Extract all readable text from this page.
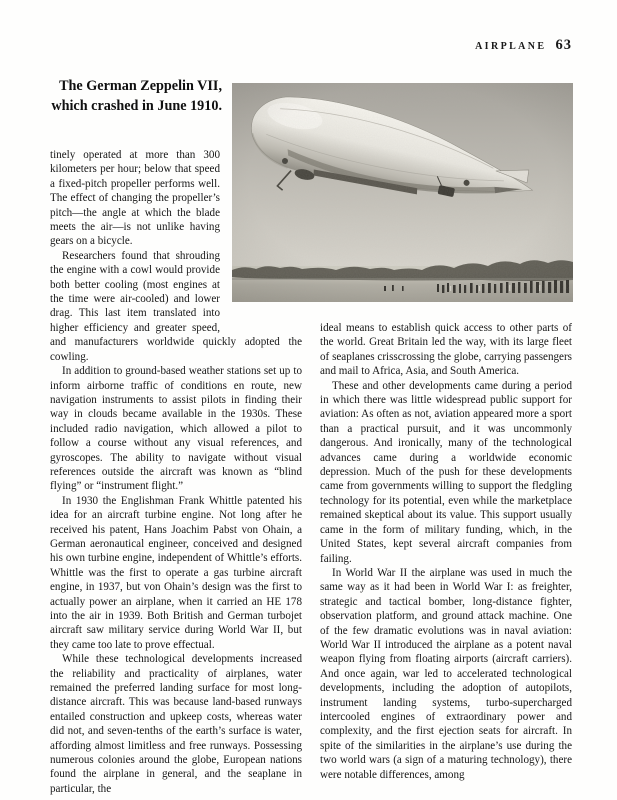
AIRPLANE 63
The German Zeppelin VII,
which crashed in June 1910.

tinely operated at more than 300 kilometers per hour; below that speed a fixed-pitch propeller performs well. The effect of changing the propeller’s pitch—the angle at which the blade meets the air—is not unlike having gears on a bicycle.

Researchers found that shrouding the engine with a cowl would provide both better cooling (most engines at the time were air-cooled) and lower drag. This last item translated into higher efficiency and greater speed, and manufacturers worldwide quickly adopted the cowling.

In addition to ground-based weather stations set up to inform airborne traffic of conditions en route, new navigation instruments to assist pilots in finding their way in clouds became available in the 1930s. These included radio navigation, which allowed a pilot to follow a course without any visual references, and gyroscopes. The ability to navigate without visual references outside the aircraft was known as “blind flying” or “instrument flight.”

In 1930 the Englishman Frank Whittle patented his idea for an aircraft turbine engine. Not long after he received his patent, Hans Joachim Pabst von Ohain, a German aeronautical engineer, conceived and designed his own turbine engine, independent of Whittle’s efforts. Whittle was the first to operate a gas turbine aircraft engine, in 1937, but von Ohain’s design was the first to actually power an airplane, when it carried an HE 178 into the air in 1939. Both British and German turbojet aircraft saw military service during World War II, but they came too late to prove effectual.

While these technological developments increased the reliability and practicality of airplanes, water remained the preferred landing surface for most long-distance aircraft. This was because land-based runways entailed construction and upkeep costs, whereas water did not, and seven-tenths of the earth’s surface is water, affording almost limitless and free runways. Possessing numerous colonies around the globe, European nations found the airplane in general, and the seaplane in particular, the

ideal means to establish quick access to other parts of the world. Great Britain led the way, with its large fleet of seaplanes crisscrossing the globe, carrying passengers and mail to Africa, Asia, and South America.

These and other developments came during a period in which there was little widespread public support for aviation: As often as not, aviation appeared more a sport than a practical pursuit, and it was uncommonly dangerous. And ironically, many of the technological advances came during a worldwide economic depression. Much of the push for these developments came from governments willing to support the fledgling technology for its potential, even while the marketplace remained skeptical about its value. This support usually came in the form of military funding, which, in the United States, kept several aircraft companies from failing.

In World War II the airplane was used in much the same way as it had been in World War I: as freighter, strategic and tactical bomber, long-distance fighter, observation platform, and ground attack machine. One of the few dramatic evolutions was in naval aviation: World War II introduced the airplane as a potent naval weapon flying from floating airports (aircraft carriers). And once again, war led to accelerated technological developments, including the adoption of autopilots, instrument landing systems, turbo-supercharged intercooled engines of extraordinary power and complexity, and the first ejection seats for aircraft. In spite of the similarities in the airplane’s use during the two world wars (a sign of a maturing technology), there were notable differences, among
